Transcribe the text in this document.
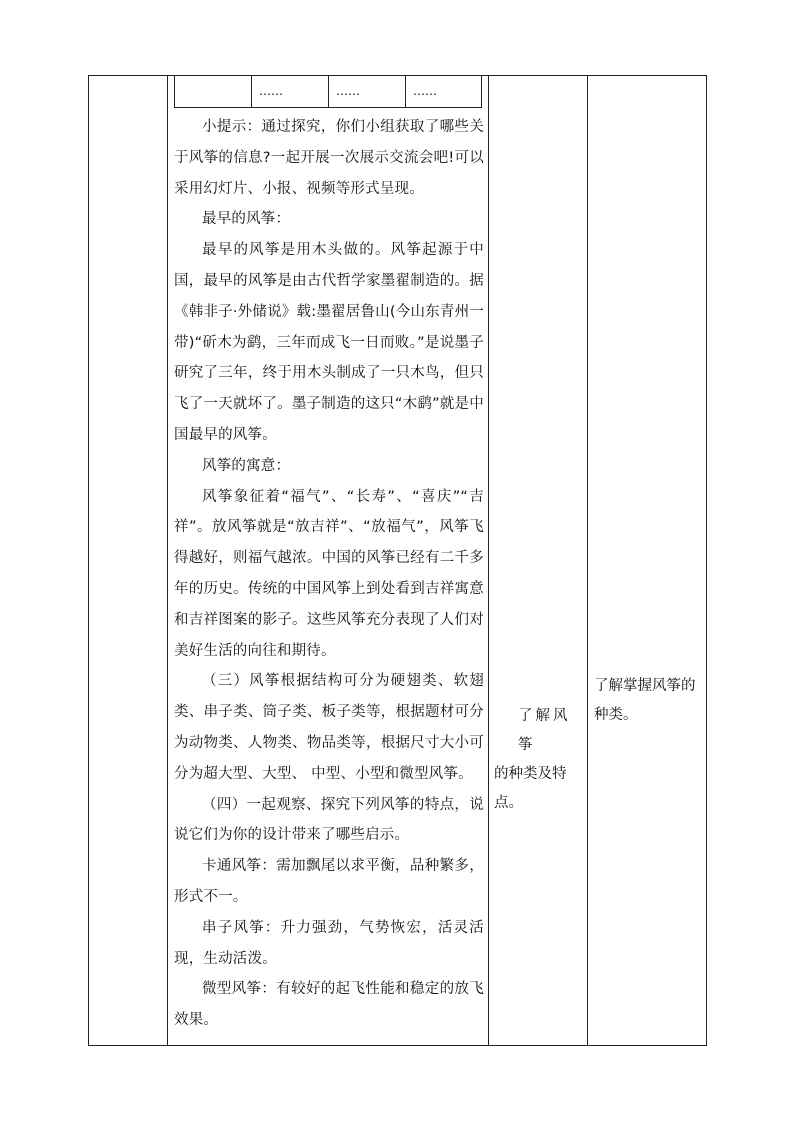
……	……	……

小提示：通过探究，你们小组获取了哪些关于风筝的信息?一起开展一次展示交流会吧!可以采用幻灯片、小报、视频等形式呈现。

最早的风筝：

最早的风筝是用木头做的。风筝起源于中国，最早的风筝是由古代哲学家墨翟制造的。据《韩非子·外储说》载:墨翟居鲁山(今山东青州一带)“斫木为鹞，三年而成飞一日而败。”是说墨子研究了三年，终于用木头制成了一只木鸟，但只飞了一天就坏了。墨子制造的这只“木鹞”就是中国最早的风筝。

风筝的寓意：

风筝象征着“福气”、“长寿”、“喜庆”“吉祥”。放风筝就是“放吉祥”、“放福气”，风筝飞得越好，则福气越浓。中国的风筝已经有二千多年的历史。传统的中国风筝上到处看到吉祥寓意和吉祥图案的影子。这些风筝充分表现了人们对美好生活的向往和期待。

（三）风筝根据结构可分为硬翅类、软翅类、串子类、筒子类、板子类等，根据题材可分为动物类、人物类、物品类等，根据尺寸大小可分为超大型、大型、 中型、小型和微型风筝。

（四）一起观察、探究下列风筝的特点，说说它们为你的设计带来了哪些启示。

卡通风筝：需加飘尾以求平衡，品种繁多，形式不一。

串子风筝：升力强劲，气势恢宏，活灵活现，生动活泼。

微型风筝：有较好的起飞性能和稳定的放飞效果。

了解风筝
的种类及特点。
了解掌握风筝的
种类。
